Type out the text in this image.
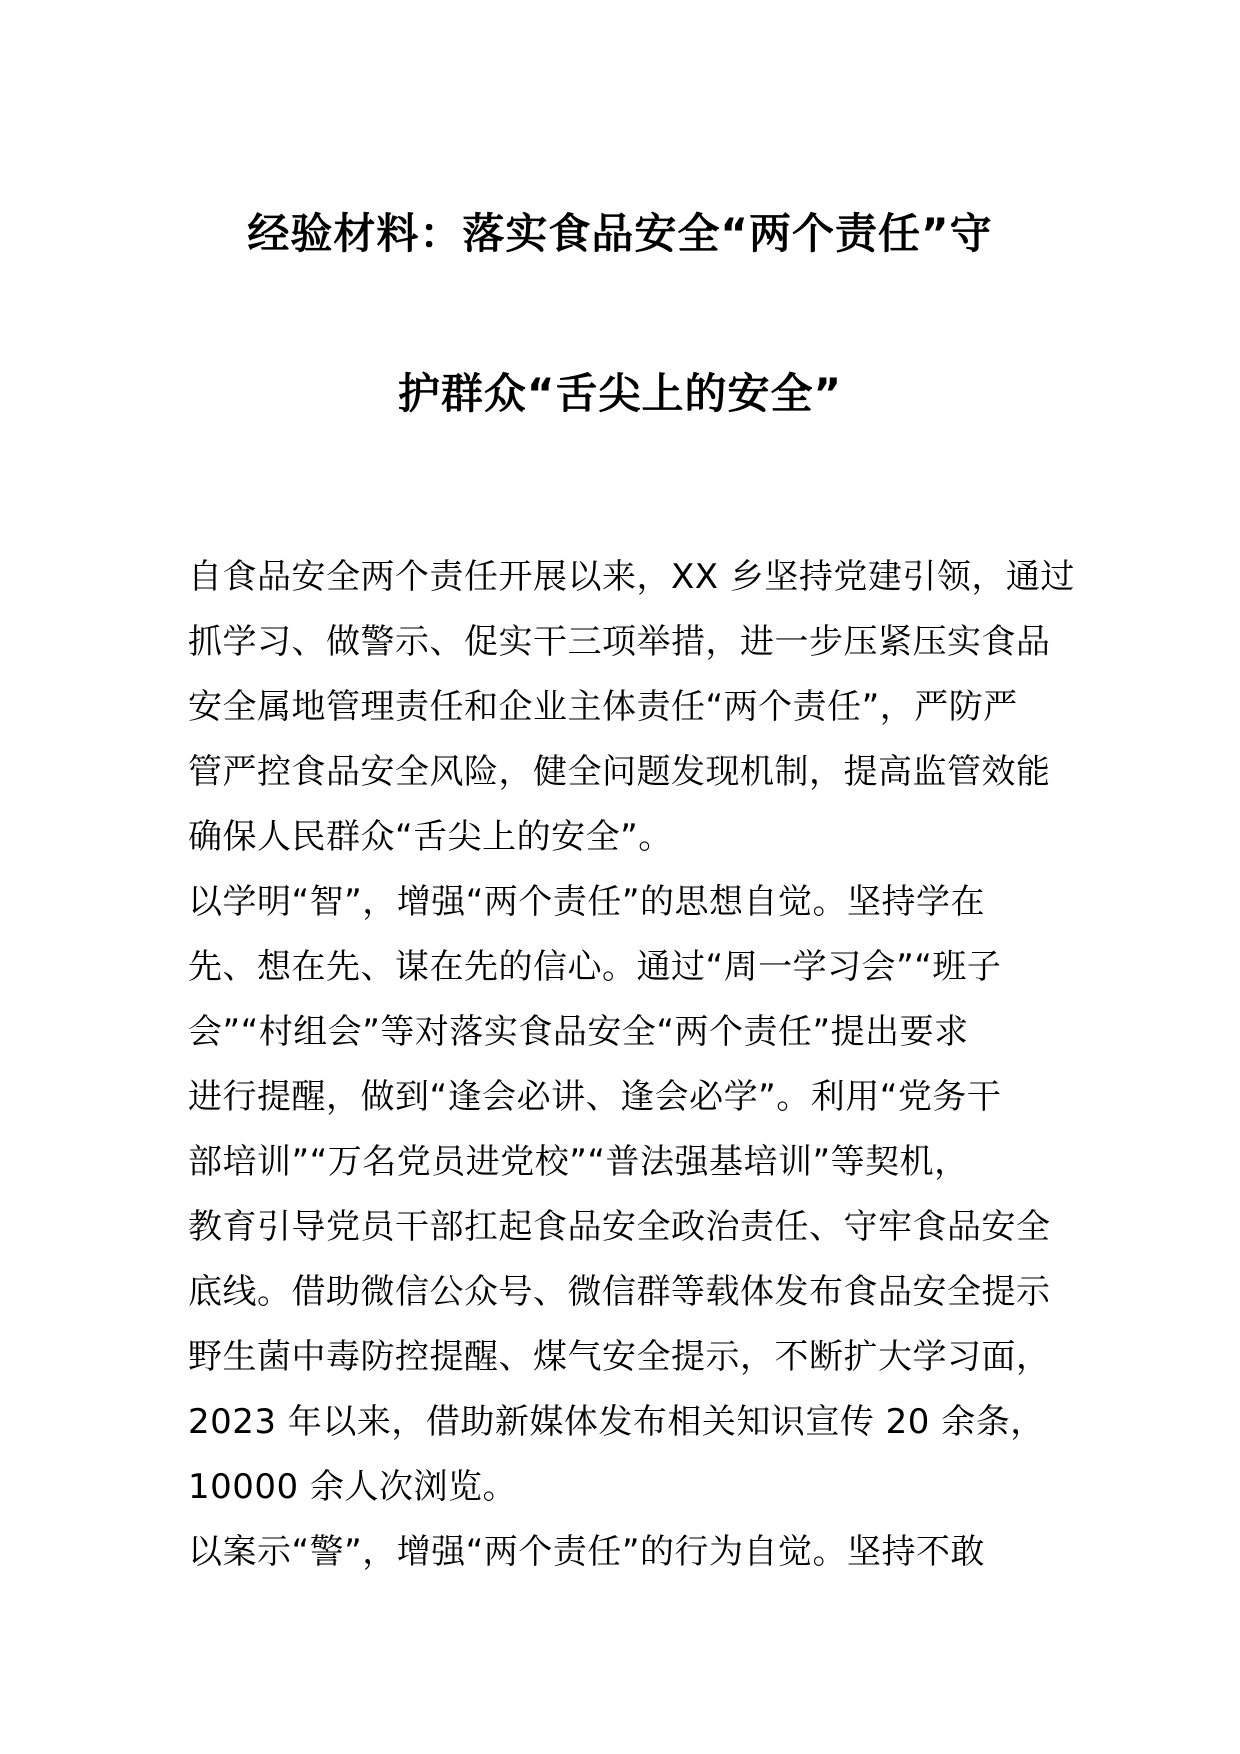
经验材料：落实食品安全“两个责任”守
护群众“舌尖上的安全”
自食品安全两个责任开展以来，XX 乡坚持党建引领，通过
抓学习、做警示、促实干三项举措，进一步压紧压实食品
安全属地管理责任和企业主体责任“两个责任”，严防严
管严控食品安全风险，健全问题发现机制，提高监管效能
确保人民群众“舌尖上的安全”。
以学明“智”，增强“两个责任”的思想自觉。坚持学在
先、想在先、谋在先的信心。通过“周一学习会”“班子
会”“村组会”等对落实食品安全“两个责任”提出要求
进行提醒，做到“逢会必讲、逢会必学”。利用“党务干
部培训”“万名党员进党校”“普法强基培训”等契机，
教育引导党员干部扛起食品安全政治责任、守牢食品安全
底线。借助微信公众号、微信群等载体发布食品安全提示
野生菌中毒防控提醒、煤气安全提示，不断扩大学习面，
2023 年以来，借助新媒体发布相关知识宣传 20 余条，
10000 余人次浏览。
以案示“警”，增强“两个责任”的行为自觉。坚持不敢
